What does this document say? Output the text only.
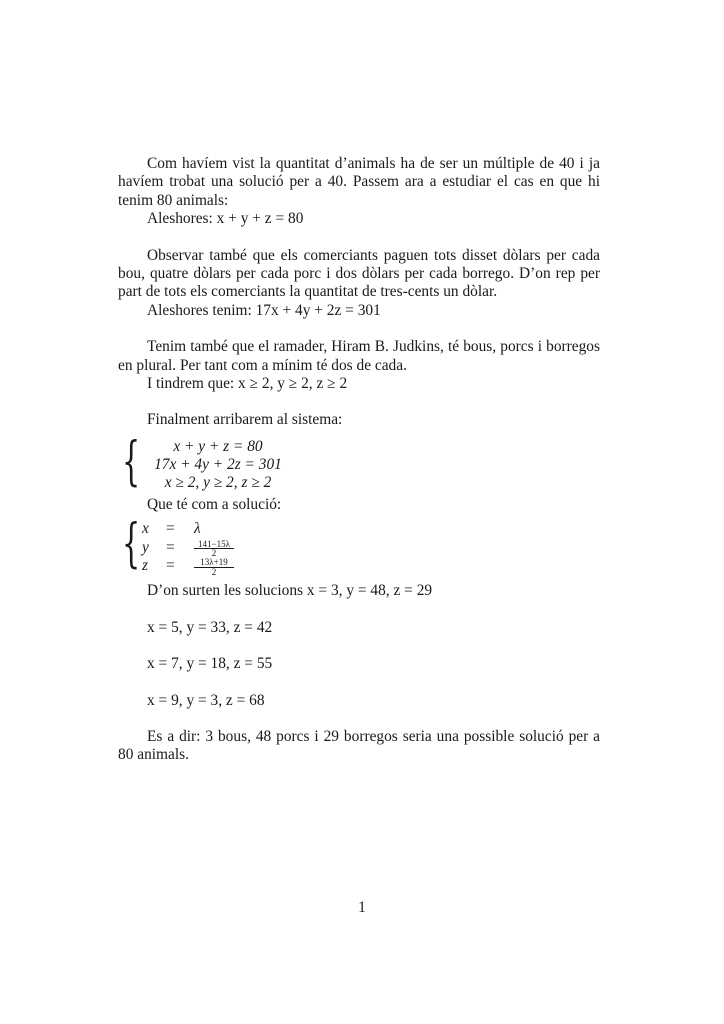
Com havíem vist la quantitat d’animals ha de ser un múltiple de 40 i ja havíem trobat una solució per a 40. Passem ara a estudiar el cas en que hi tenim 80 animals:

Aleshores: x + y + z = 80

Observar també que els comerciants paguen tots disset dòlars per cada bou, quatre dòlars per cada porc i dos dòlars per cada borrego. D’on rep per part de tots els comerciants la quantitat de tres-cents un dòlar.

Aleshores tenim: 17x + 4y + 2z = 301

Tenim també que el ramader, Hiram B. Judkins, té bous, porcs i borregos en plural. Per tant com a mínim té dos de cada.

I tindrem que: x ≥ 2, y ≥ 2, z ≥ 2

Finalment arribarem al sistema:

{	x + y + z = 80
17x + 4y + 2z = 301
x ≥ 2, y ≥ 2, z ≥ 2

Que té com a solució:

{ x = λ
$y = \frac{141-15\lambda}{2}$
$z = \frac{13\lambda+19}{2}$

D’on surten les solucions x = 3, y = 48, z = 29

x = 5, y = 33, z = 42

x = 7, y = 18, z = 55

x = 9, y = 3, z = 68

Es a dir: 3 bous, 48 porcs i 29 borregos seria una possible solució per a 80 animals.

1
